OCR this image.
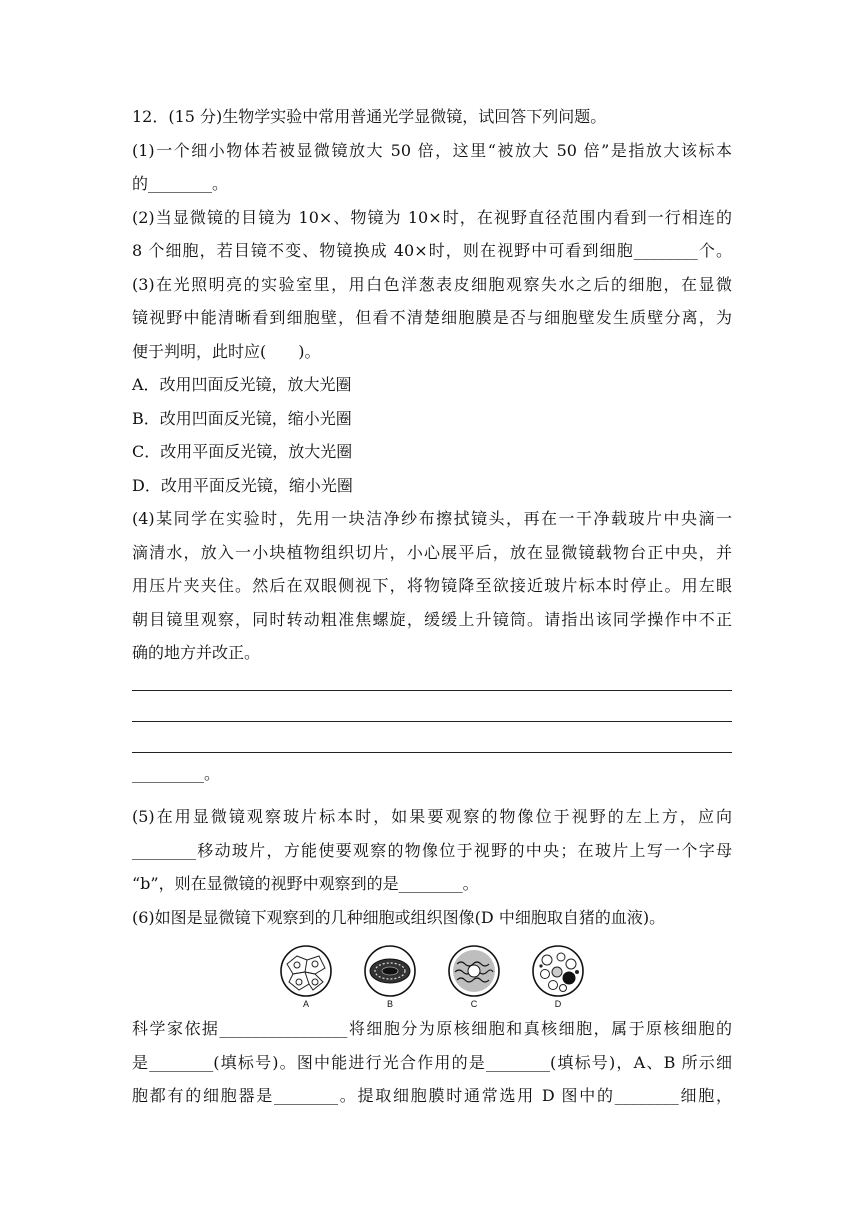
12．(15 分)生物学实验中常用普通光学显微镜，试回答下列问题。
(1)一个细小物体若被显微镜放大 50 倍，这里“被放大 50 倍”是指放大该标本
的________。
(2)当显微镜的目镜为 10×、物镜为 10×时，在视野直径范围内看到一行相连的
8 个细胞，若目镜不变、物镜换成 40×时，则在视野中可看到细胞________个。
(3)在光照明亮的实验室里，用白色洋葱表皮细胞观察失水之后的细胞，在显微
镜视野中能清晰看到细胞壁，但看不清楚细胞膜是否与细胞壁发生质壁分离，为
便于判明，此时应(　　)。
A．改用凹面反光镜，放大光圈
B．改用凹面反光镜，缩小光圈
C．改用平面反光镜，放大光圈
D．改用平面反光镜，缩小光圈
(4)某同学在实验时，先用一块洁净纱布擦拭镜头，再在一干净载玻片中央滴一
滴清水，放入一小块植物组织切片，小心展平后，放在显微镜载物台正中央，并
用压片夹夹住。然后在双眼侧视下，将物镜降至欲接近玻片标本时停止。用左眼
朝目镜里观察，同时转动粗准焦螺旋，缓缓上升镜筒。请指出该同学操作中不正
确的地方并改正。
_________。
(5)在用显微镜观察玻片标本时，如果要观察的物像位于视野的左上方，应向
________移动玻片，方能使要观察的物像位于视野的中央；在玻片上写一个字母
“b”，则在显微镜的视野中观察到的是________。
(6)如图是显微镜下观察到的几种细胞或组织图像(D 中细胞取自猪的血液)。
A	B	C	D
科学家依据________________将细胞分为原核细胞和真核细胞，属于原核细胞的
是________(填标号)。图中能进行光合作用的是________(填标号)，A、B 所示细
胞都有的细胞器是________。提取细胞膜时通常选用 D 图中的________细胞，
